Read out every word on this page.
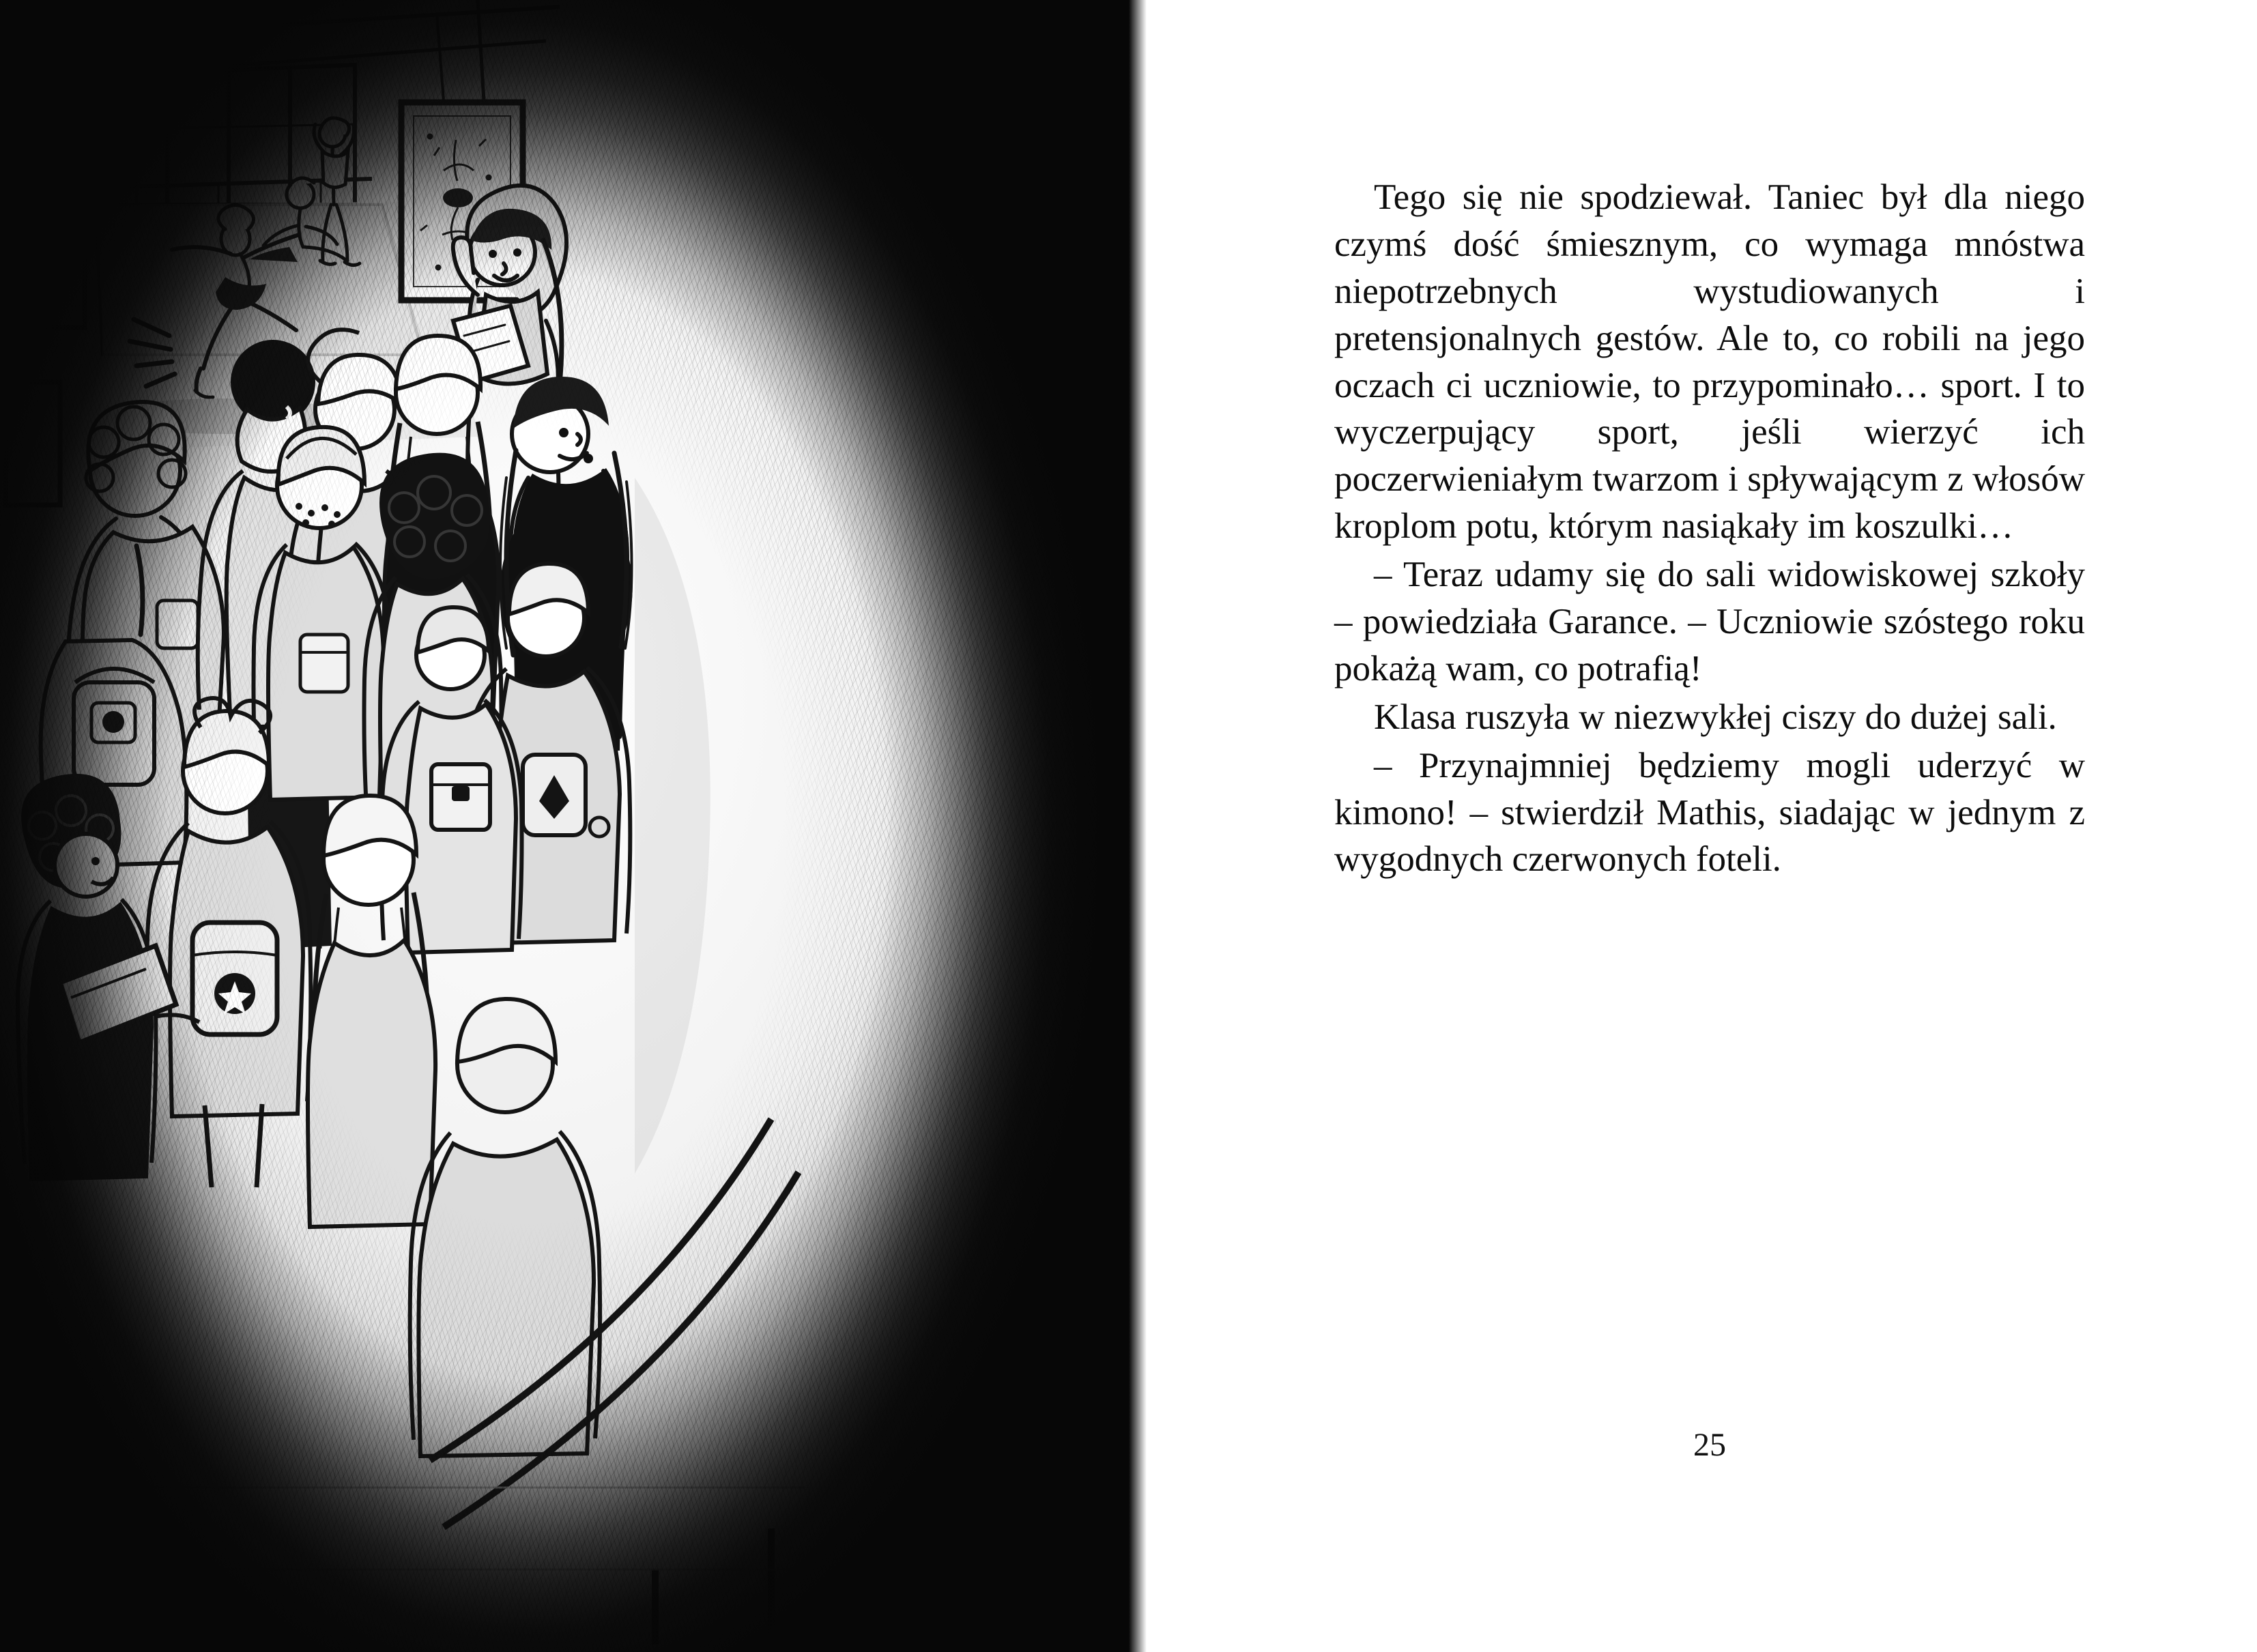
Tego się nie spodziewał. Taniec był dla niego czymś dość śmiesznym, co wymaga mnóstwa niepotrzebnych wystudiowanych i pretensjonalnych gestów. Ale to, co robili na jego oczach ci uczniowie, to przypominało… sport. I to wyczerpujący sport, jeśli wierzyć ich poczerwieniałym twarzom i spływającym z włosów kroplom potu, którym nasiąkały im koszulki…

– Teraz udamy się do sali widowiskowej szkoły – powiedziała Garance. – Uczniowie szóstego roku pokażą wam, co potrafią!

Klasa ruszyła w niezwykłej ciszy do dużej sali.

– Przynajmniej będziemy mogli uderzyć w kimono! – stwierdził Mathis, siadając w jednym z wygodnych czerwonych foteli.

25
